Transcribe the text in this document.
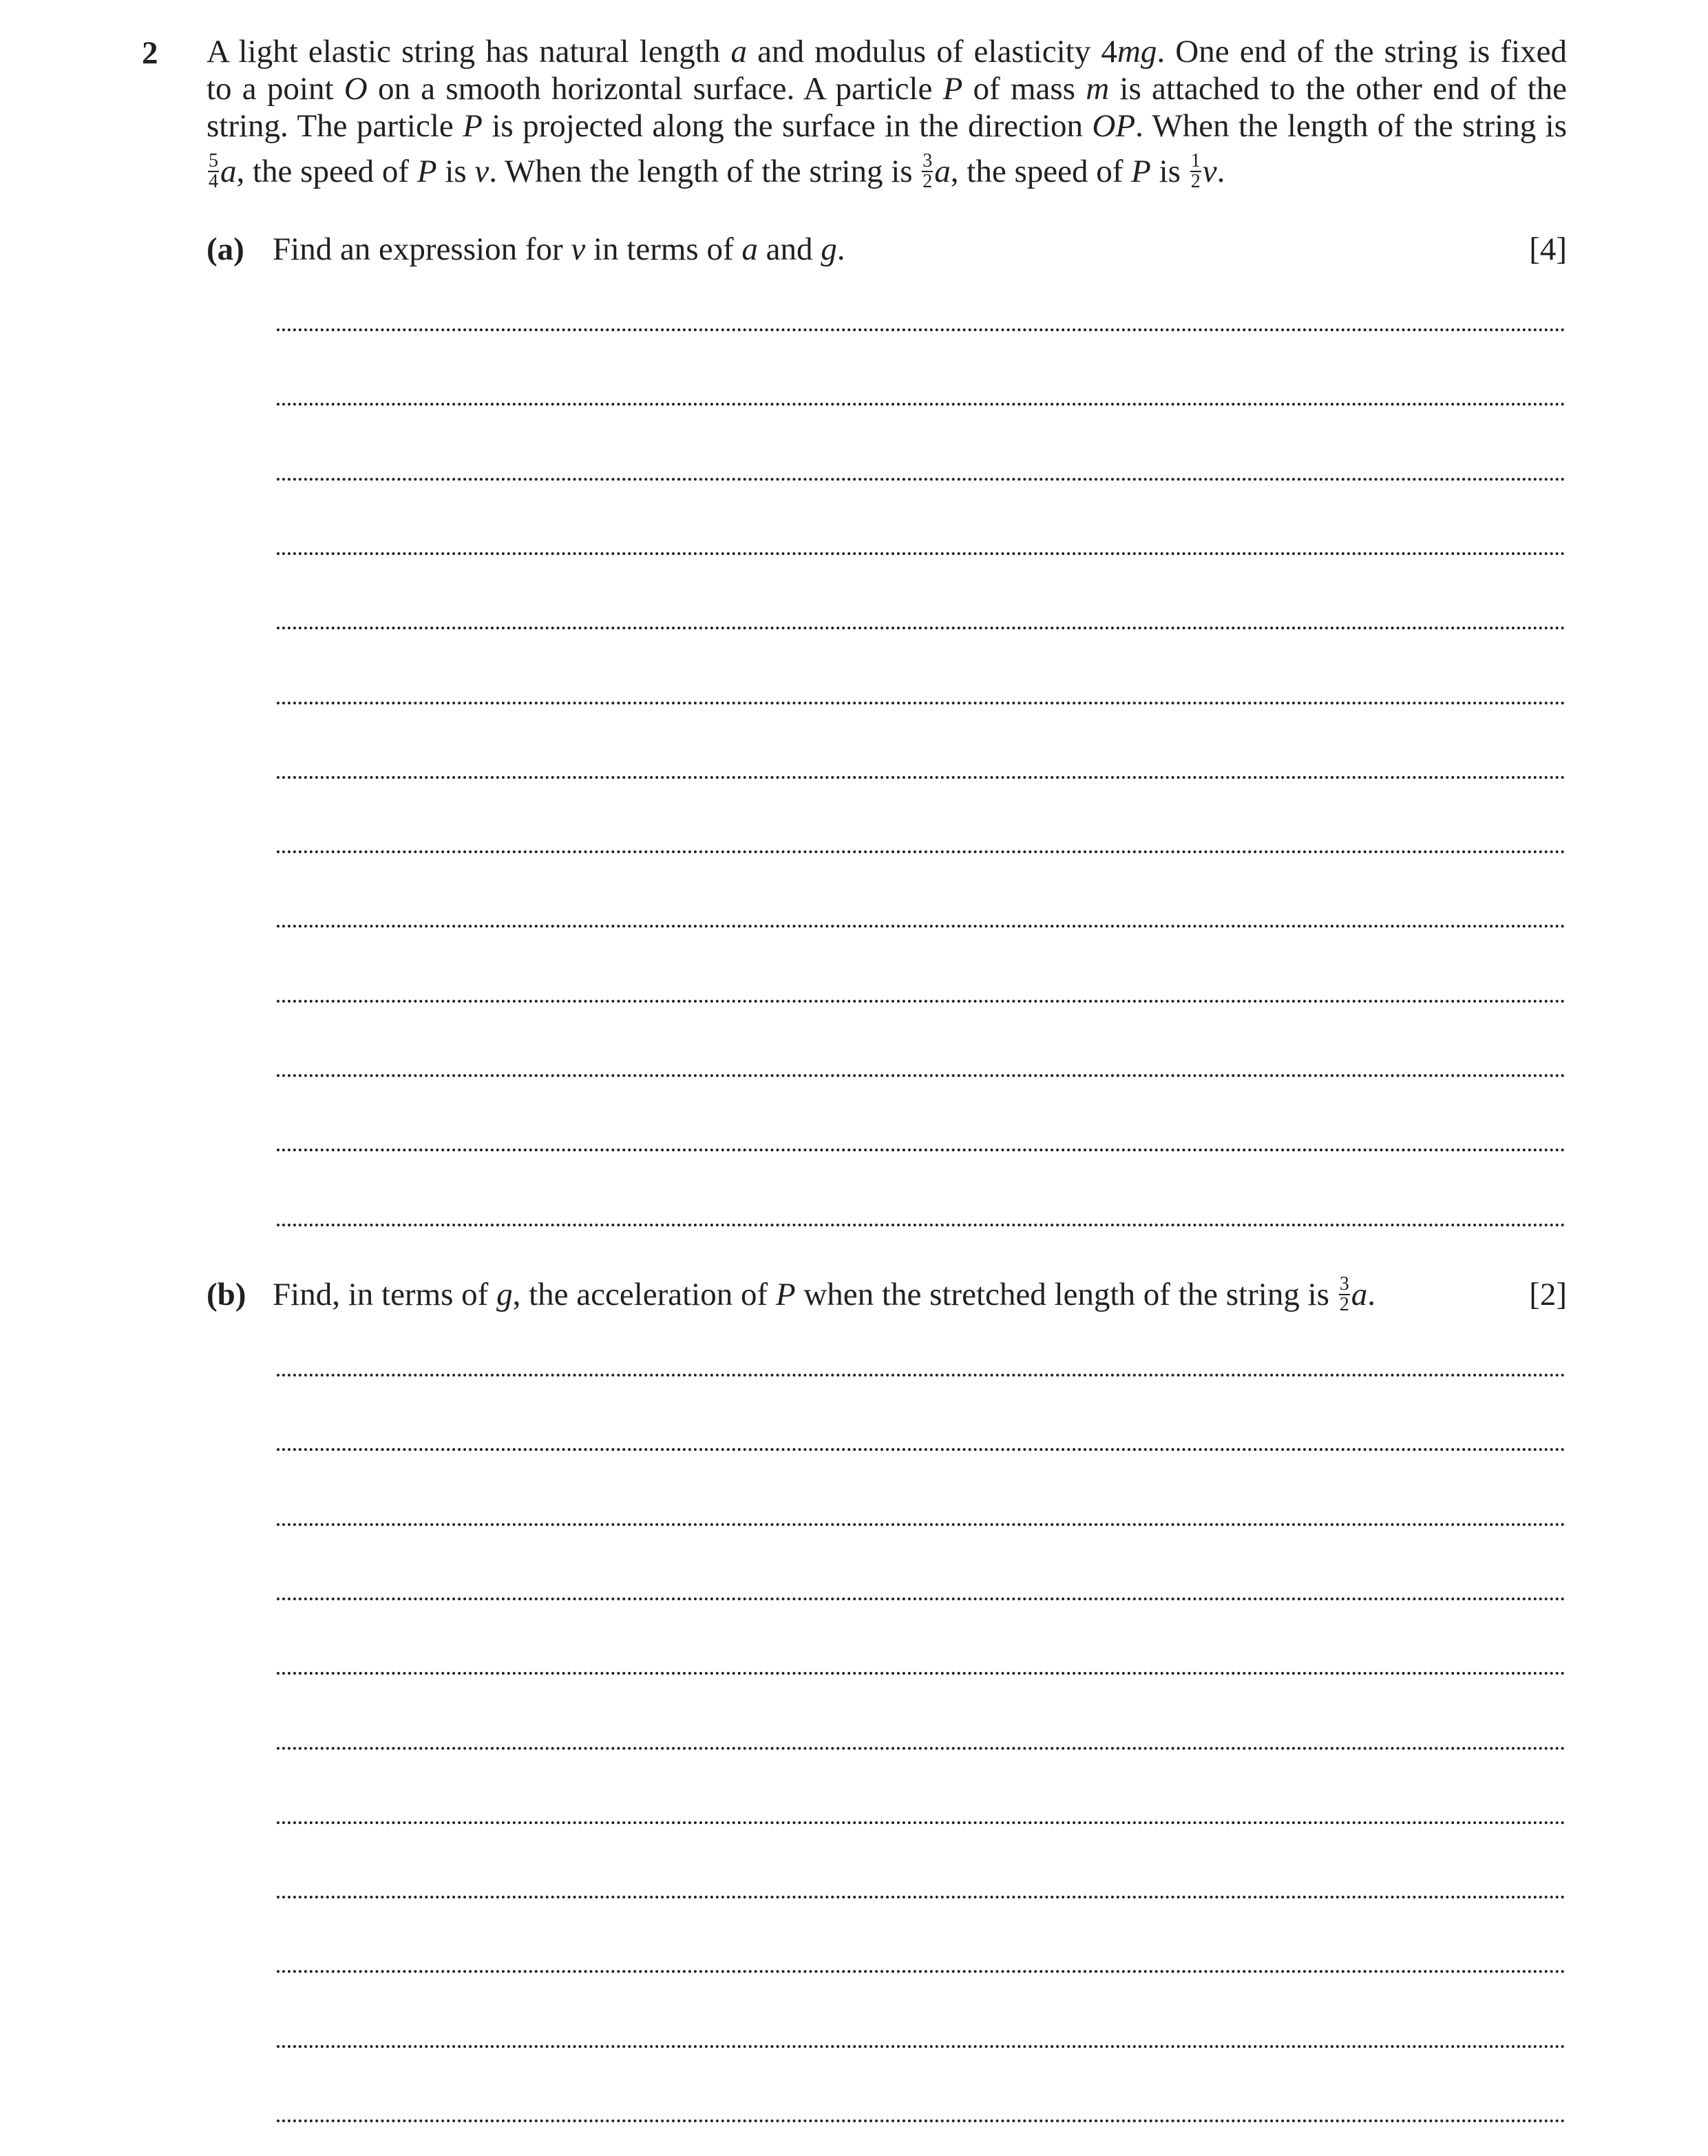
2 A light elastic string has natural length a and modulus of elasticity 4mg. One end of the string is fixed
to a point O on a smooth horizontal surface. A particle P of mass m is attached to the other end of the
string. The particle P is projected along the surface in the direction OP. When the length of the string is
$\frac{5}{4} a$, the speed of P is v. When the length of the string is $\frac{3}{2} a$, the speed of P is $\frac{1}{2} v$.
(a) Find an expression for v in terms of a and g.	[4]
(b) Find, in terms of g, the acceleration of P when the stretched length of the string is $\frac{3}{2} a$.	[2]
